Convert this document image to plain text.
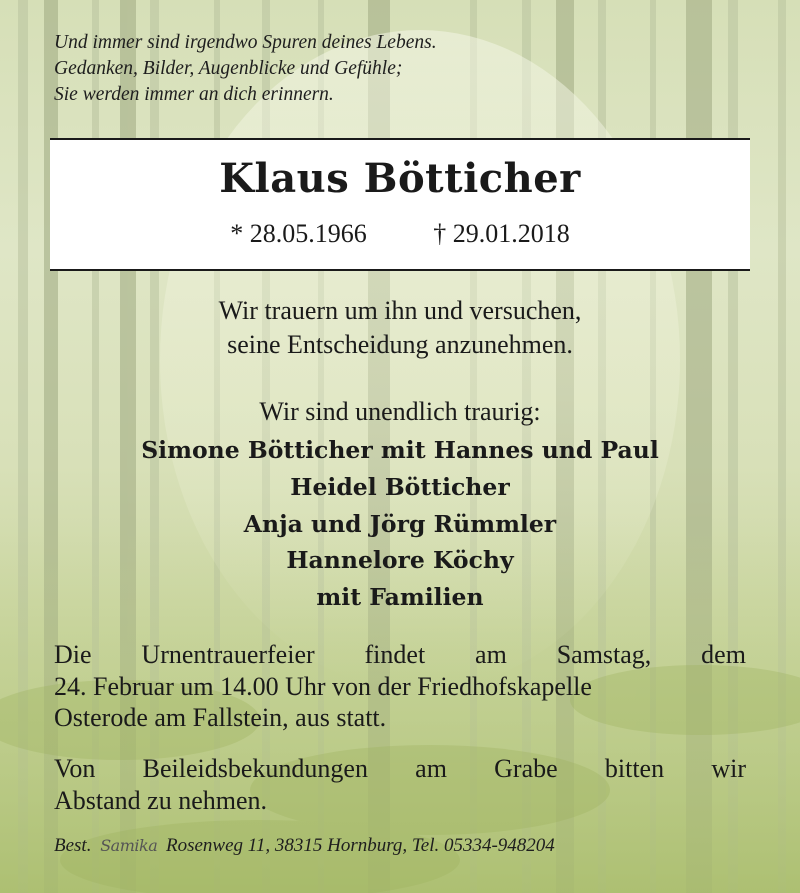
Und immer sind irgendwo Spuren deines Lebens.
Gedanken, Bilder, Augenblicke und Gefühle;
Sie werden immer an dich erinnern.
Klaus Bötticher
* 28.05.1966	† 29.01.2018
Wir trauern um ihn und versuchen,
seine Entscheidung anzunehmen.
Wir sind unendlich traurig:
Simone Bötticher mit Hannes und Paul
Heidel Bötticher
Anja und Jörg Rümmler
Hannelore Köchy
mit Familien
Die Urnentrauerfeier findet am Samstag, dem
24. Februar um 14.00 Uhr von der Friedhofskapelle
Osterode am Fallstein, aus statt.
Von Beileidsbekundungen am Grabe bitten wir
Abstand zu nehmen.
Best. Samika Rosenweg 11, 38315 Hornburg, Tel. 05334-948204
